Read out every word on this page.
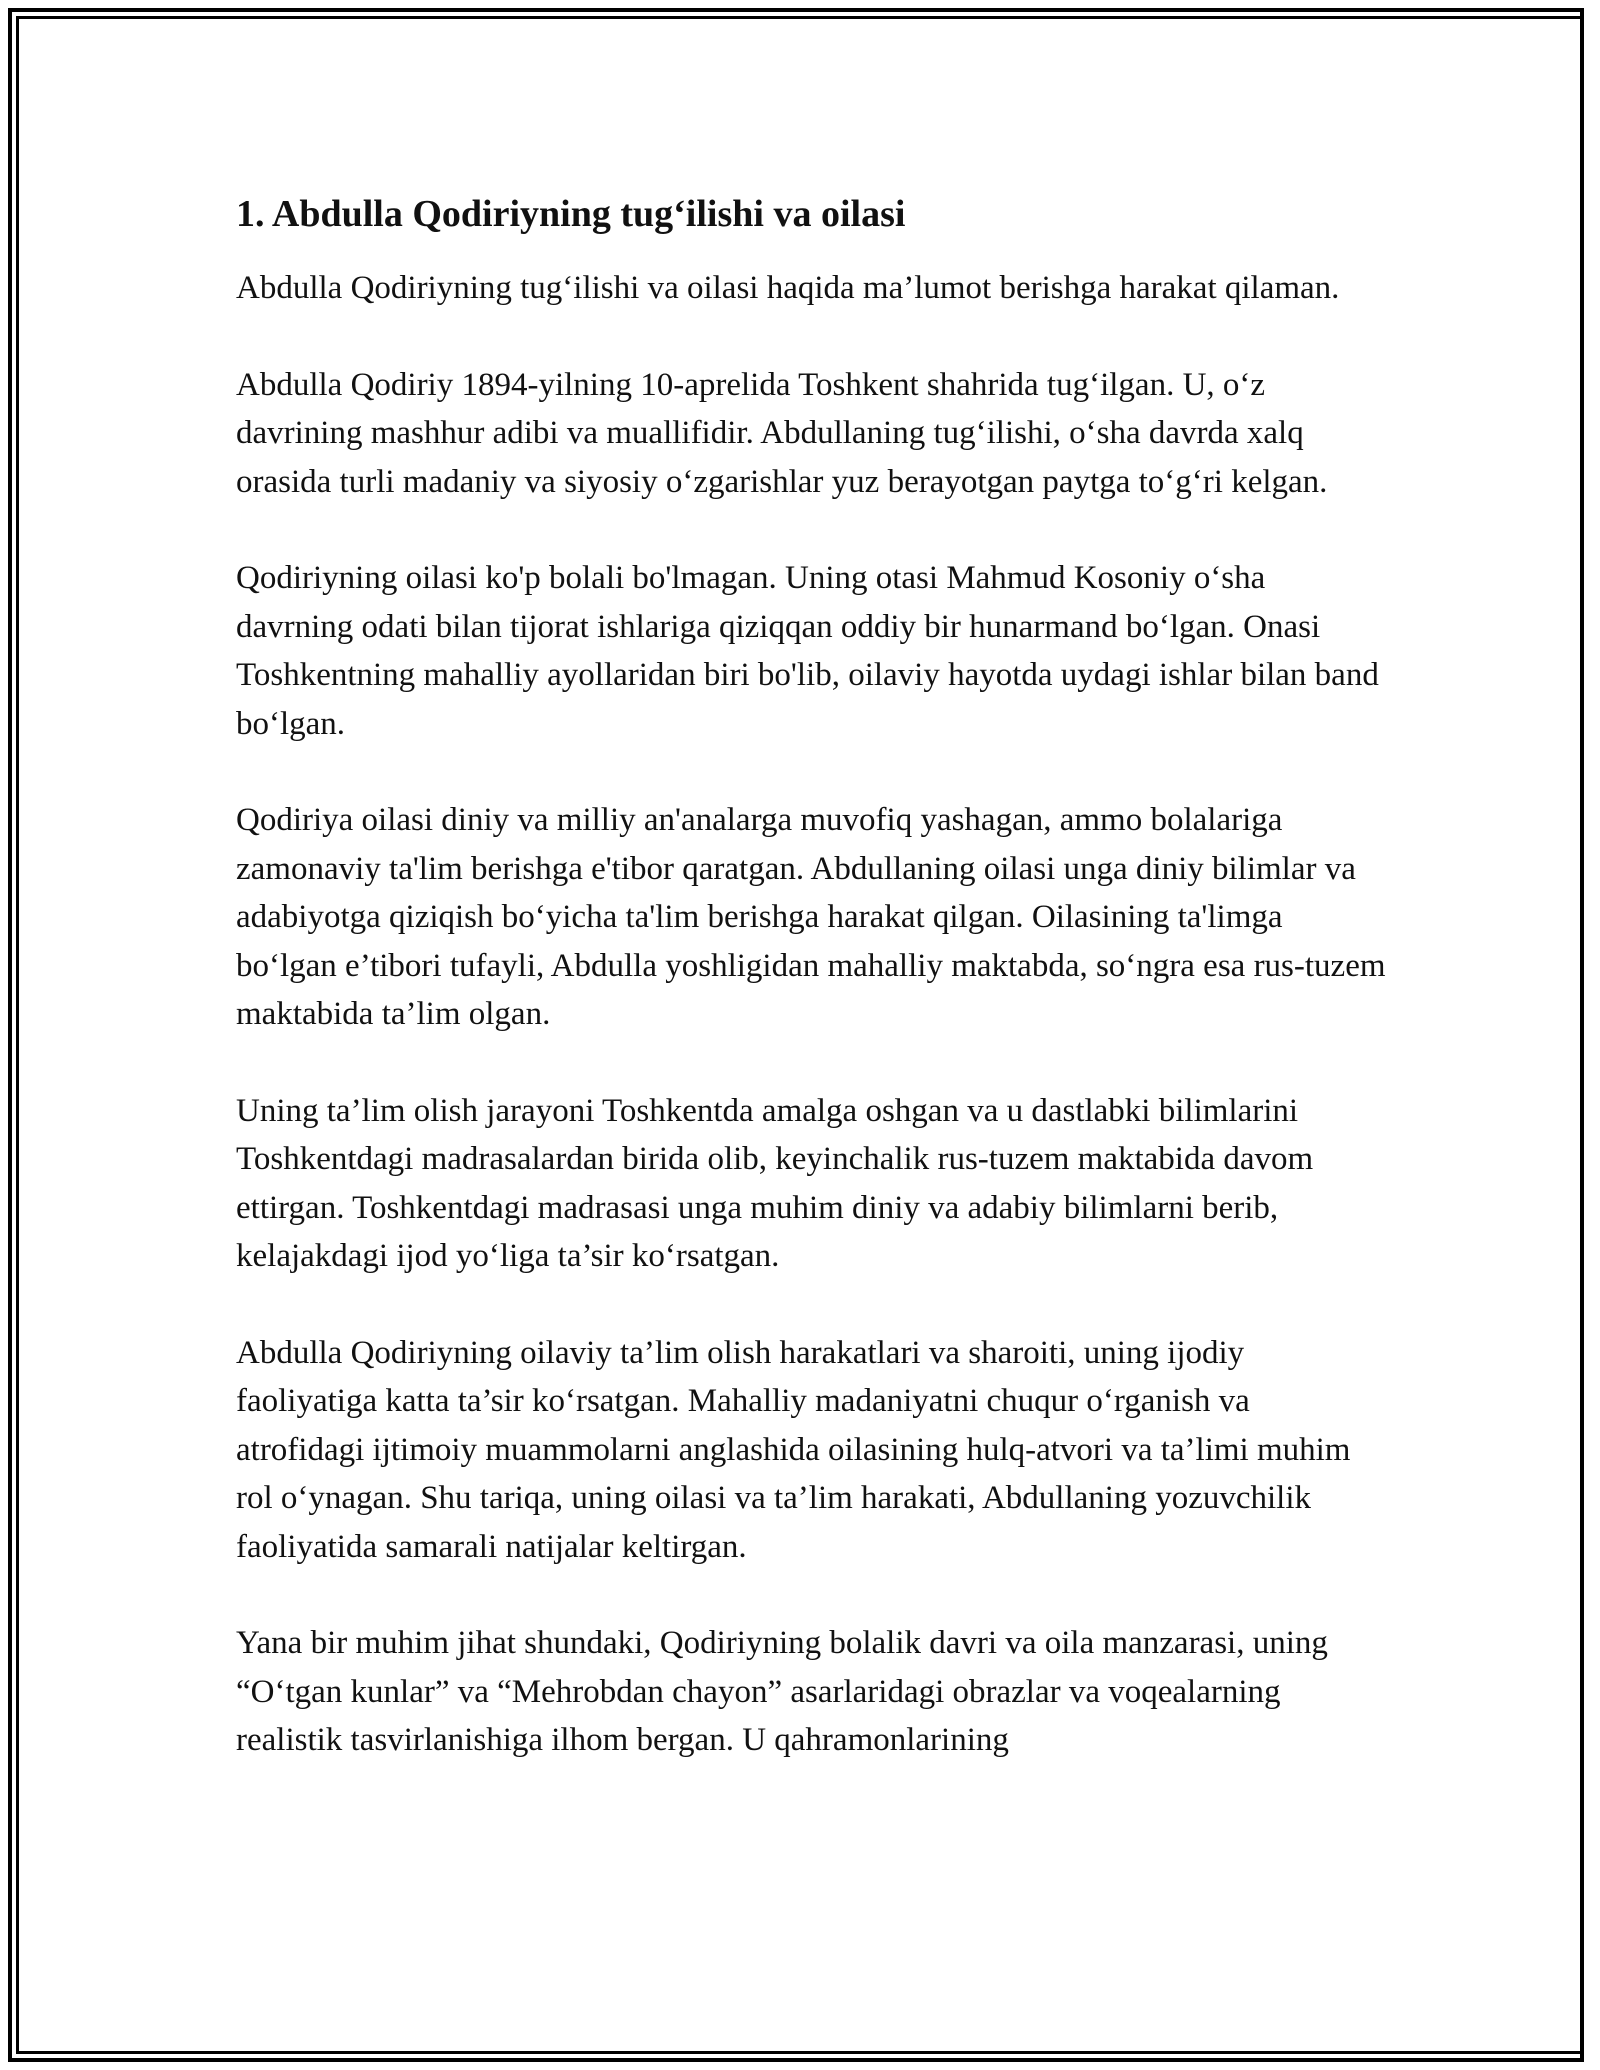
1. Abdulla Qodiriyning tug‘ilishi va oilasi

Abdulla Qodiriyning tug‘ilishi va oilasi haqida ma’lumot berishga harakat qilaman.

Abdulla Qodiriy 1894-yilning 10-aprelida Toshkent shahrida tug‘ilgan. U, o‘z davrining mashhur adibi va muallifidir. Abdullaning tug‘ilishi, o‘sha davrda xalq orasida turli madaniy va siyosiy o‘zgarishlar yuz berayotgan paytga to‘g‘ri kelgan.

Qodiriyning oilasi ko'p bolali bo'lmagan. Uning otasi Mahmud Kosoniy o‘sha davrning odati bilan tijorat ishlariga qiziqqan oddiy bir hunarmand bo‘lgan. Onasi Toshkentning mahalliy ayollaridan biri bo'lib, oilaviy hayotda uydagi ishlar bilan band bo‘lgan.

Qodiriya oilasi diniy va milliy an'analarga muvofiq yashagan, ammo bolalariga zamonaviy ta'lim berishga e'tibor qaratgan. Abdullaning oilasi unga diniy bilimlar va adabiyotga qiziqish bo‘yicha ta'lim berishga harakat qilgan. Oilasining ta'limga bo‘lgan e’tibori tufayli, Abdulla yoshligidan mahalliy maktabda, so‘ngra esa rus-tuzem maktabida ta’lim olgan.

Uning ta’lim olish jarayoni Toshkentda amalga oshgan va u dastlabki bilimlarini Toshkentdagi madrasalardan birida olib, keyinchalik rus-tuzem maktabida davom ettirgan. Toshkentdagi madrasasi unga muhim diniy va adabiy bilimlarni berib, kelajakdagi ijod yo‘liga ta’sir ko‘rsatgan.

Abdulla Qodiriyning oilaviy ta’lim olish harakatlari va sharoiti, uning ijodiy faoliyatiga katta ta’sir ko‘rsatgan. Mahalliy madaniyatni chuqur o‘rganish va atrofidagi ijtimoiy muammolarni anglashida oilasining hulq-atvori va ta’limi muhim rol o‘ynagan. Shu tariqa, uning oilasi va ta’lim harakati, Abdullaning yozuvchilik faoliyatida samarali natijalar keltirgan.

Yana bir muhim jihat shundaki, Qodiriyning bolalik davri va oila manzarasi, uning “O‘tgan kunlar” va “Mehrobdan chayon” asarlaridagi obrazlar va voqealarning realistik tasvirlanishiga ilhom bergan. U qahramonlarining
